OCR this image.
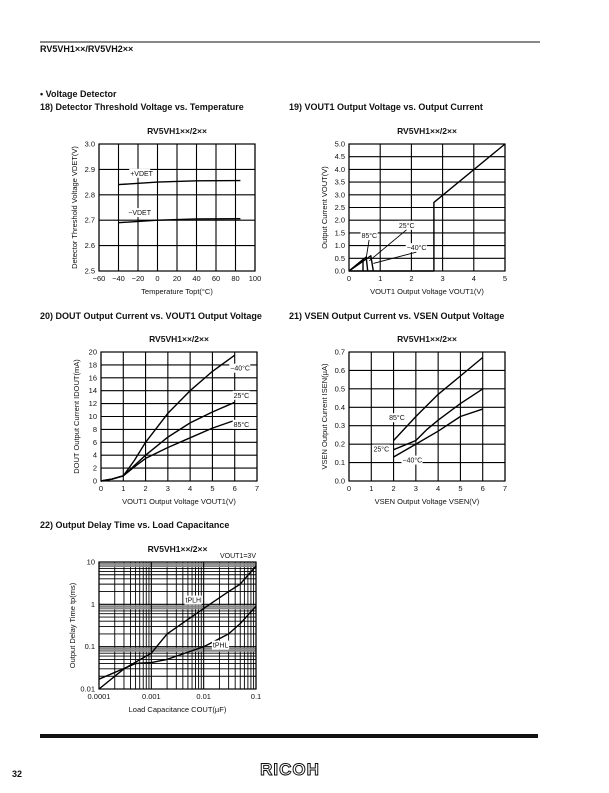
RV5VH1××/RV5VH2××
• Voltage Detector
18) Detector Threshold Voltage vs. Temperature	19) VOUT1 Output Voltage vs. Output Current
20) DOUT Output Current vs. VOUT1 Output Voltage	21) VSEN Output Current vs. VSEN Output Voltage
22) Output Delay Time vs. Load Capacitance
RV5VH1××/2××
−60 −40 −20 0 20 40 60 80 100
2.5
2.6
2.7
2.8
2.9
3.0
Temperature Topt(°C)
Detector Threshold Voltage VDET(V)	+VDET
−VDET
RV5VH1××/2××
0	1	2	3	4	5
0.0
0.5
1.0
1.5
2.0
2.5
3.0
3.5
4.0
4.5
5.0
VOUT1 Output Voltage VOUT1(V)
Output Current VOUT(V)	85°C
25°C
−40°C
RV5VH1××/2××
0 1 2 3 4 5 6 7
0
2
4
6
8
10
12
14
16
18
20
VOUT1 Output Voltage VOUT1(V)
DOUT Output Current IDOUT(mA)	−40°C
25°C
85°C
RV5VH1××/2××
0 1 2 3 4 5 6 7
0.0
0.1
0.2
0.3
0.4
0.5
0.6
0.7
VSEN Output Voltage VSEN(V)
VSEN Output Current ISEN(µA)	85°C
25°C
−40°C
RV5VH1××/2××
VOUT1=3V
0.0001	0.001	0.01	0.1
0.01
0.1
1
10
Load Capacitance COUT(µF)
Output Delay Time tp(ms)	tPLH
tPHL
32	RICOH
